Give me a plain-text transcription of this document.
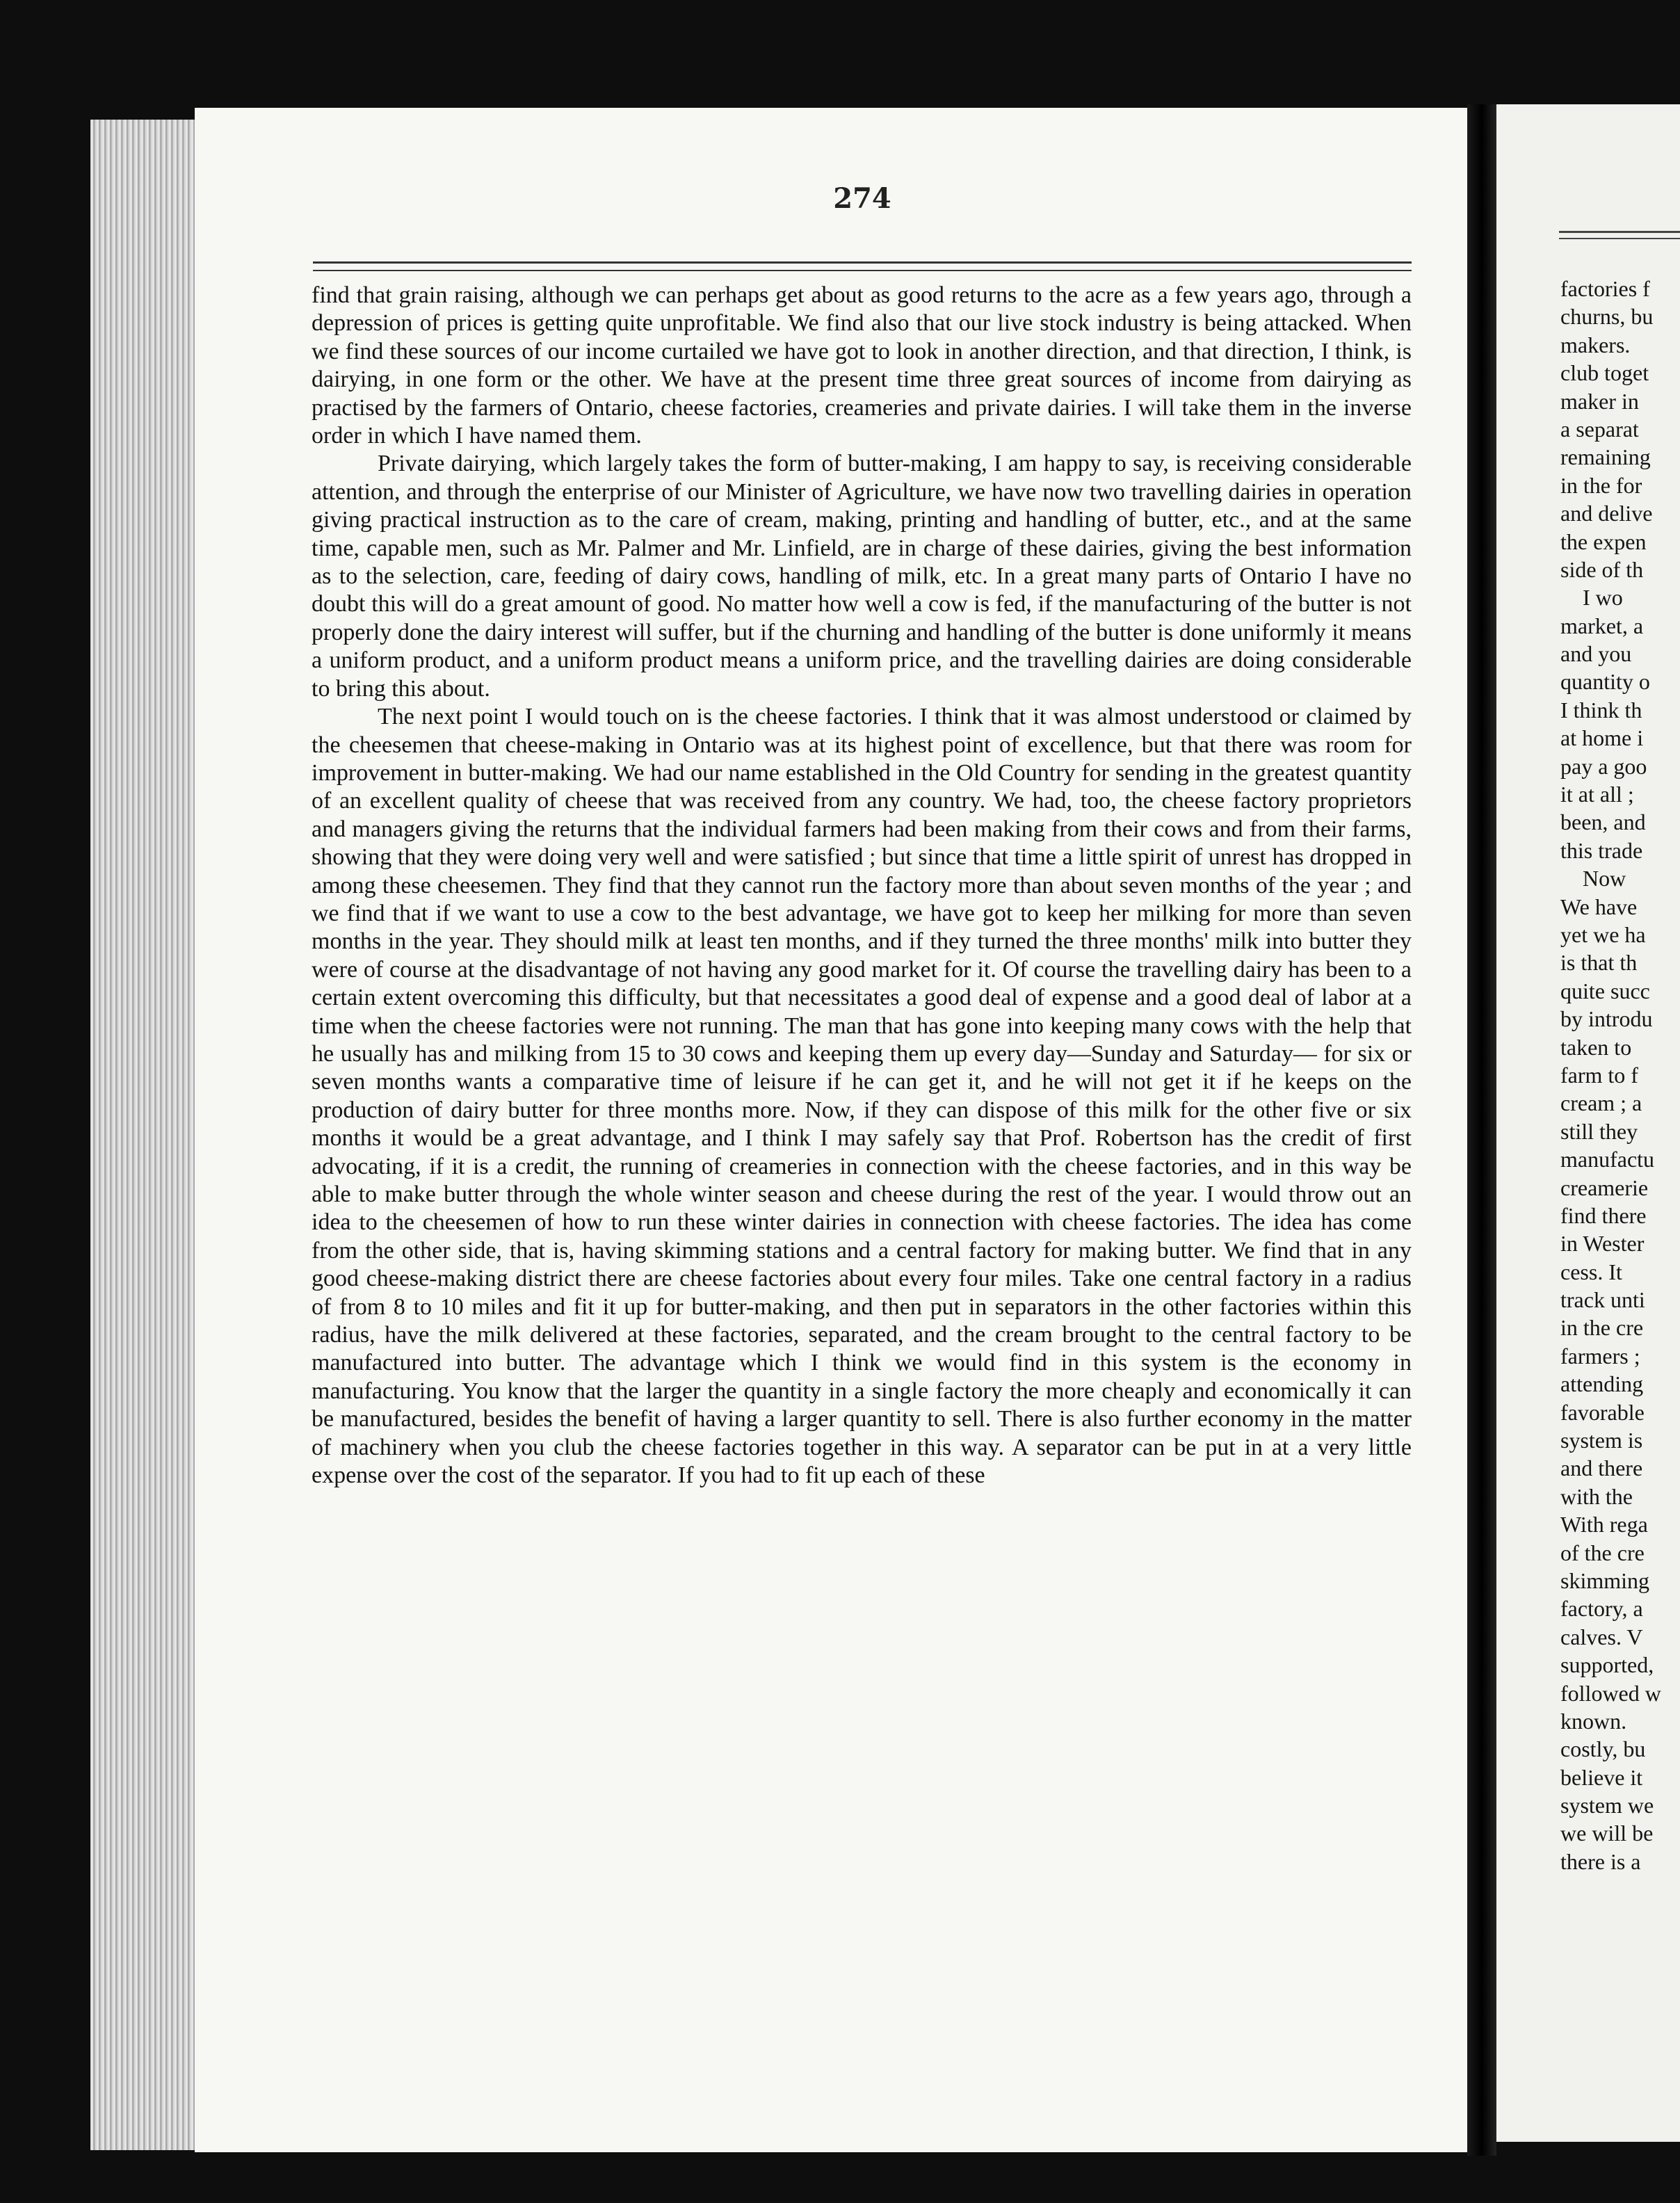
274

find that grain raising, although we can perhaps get about as good returns to the acre as a few years ago, through a depression of prices is getting quite unprofitable. We find also that our live stock industry is being attacked. When we find these sources of our income curtailed we have got to look in another direction, and that direction, I think, is dairying, in one form or the other. We have at the present time three great sources of income from dairying as practised by the farmers of Ontario, cheese factories, creameries and private dairies. I will take them in the inverse order in which I have named them.

Private dairying, which largely takes the form of butter-making, I am happy to say, is receiving considerable attention, and through the enterprise of our Minister of Agriculture, we have now two travelling dairies in operation giving practical instruction as to the care of cream, making, printing and handling of butter, etc., and at the same time, capable men, such as Mr. Palmer and Mr. Linfield, are in charge of these dairies, giving the best information as to the selection, care, feeding of dairy cows, handling of milk, etc. In a great many parts of Ontario I have no doubt this will do a great amount of good. No matter how well a cow is fed, if the manufacturing of the butter is not properly done the dairy interest will suffer, but if the churning and handling of the butter is done uniformly it means a uniform product, and a uniform product means a uniform price, and the travelling dairies are doing considerable to bring this about.

The next point I would touch on is the cheese factories. I think that it was almost understood or claimed by the cheesemen that cheese-making in Ontario was at its highest point of excellence, but that there was room for improvement in butter-making. We had our name established in the Old Country for sending in the greatest quantity of an excellent quality of cheese that was received from any country. We had, too, the cheese factory proprietors and managers giving the returns that the individual farmers had been making from their cows and from their farms, showing that they were doing very well and were satisfied ; but since that time a little spirit of unrest has dropped in among these cheesemen. They find that they cannot run the factory more than about seven months of the year ; and we find that if we want to use a cow to the best advantage, we have got to keep her milking for more than seven months in the year. They should milk at least ten months, and if they turned the three months' milk into butter they were of course at the disadvantage of not having any good market for it. Of course the travelling dairy has been to a certain extent overcoming this difficulty, but that necessitates a good deal of expense and a good deal of labor at a time when the cheese factories were not running. The man that has gone into keeping many cows with the help that he usually has and milking from 15 to 30 cows and keeping them up every day—Sunday and Saturday— for six or seven months wants a comparative time of leisure if he can get it, and he will not get it if he keeps on the production of dairy butter for three months more. Now, if they can dispose of this milk for the other five or six months it would be a great advantage, and I think I may safely say that Prof. Robertson has the credit of first advocating, if it is a credit, the running of creameries in connection with the cheese factories, and in this way be able to make butter through the whole winter season and cheese during the rest of the year. I would throw out an idea to the cheesemen of how to run these winter dairies in connection with cheese factories. The idea has come from the other side, that is, having skimming stations and a central factory for making butter. We find that in any good cheese-making district there are cheese factories about every four miles. Take one central factory in a radius of from 8 to 10 miles and fit it up for butter-making, and then put in separators in the other factories within this radius, have the milk delivered at these factories, separated, and the cream brought to the central factory to be manufactured into butter. The advantage which I think we would find in this system is the economy in manufacturing. You know that the larger the quantity in a single factory the more cheaply and economically it can be manufactured, besides the benefit of having a larger quantity to sell. There is also further economy in the matter of machinery when you club the cheese factories together in this way. A separator can be put in at a very little expense over the cost of the separator. If you had to fit up each of these

factories f
churns, bu
makers.
club toget
maker in
a separat
remaining
in the for
and delive
the expen
side of th
I wo
market, a
and you
quantity o
I think th
at home i
pay a goo
it at all ;
been, and
this trade
Now
We have
yet we ha
is that th
quite succ
by introdu
taken to
farm to f
cream ; a
still they
manufactu
creamerie
find there
in Wester
cess. It
track unti
in the cre
farmers ;
attending
favorable
system is
and there
with the
With rega
of the cre
skimming
factory, a
calves. V
supported,
followed w
known.
costly, bu
believe it
system we
we will be
there is a
